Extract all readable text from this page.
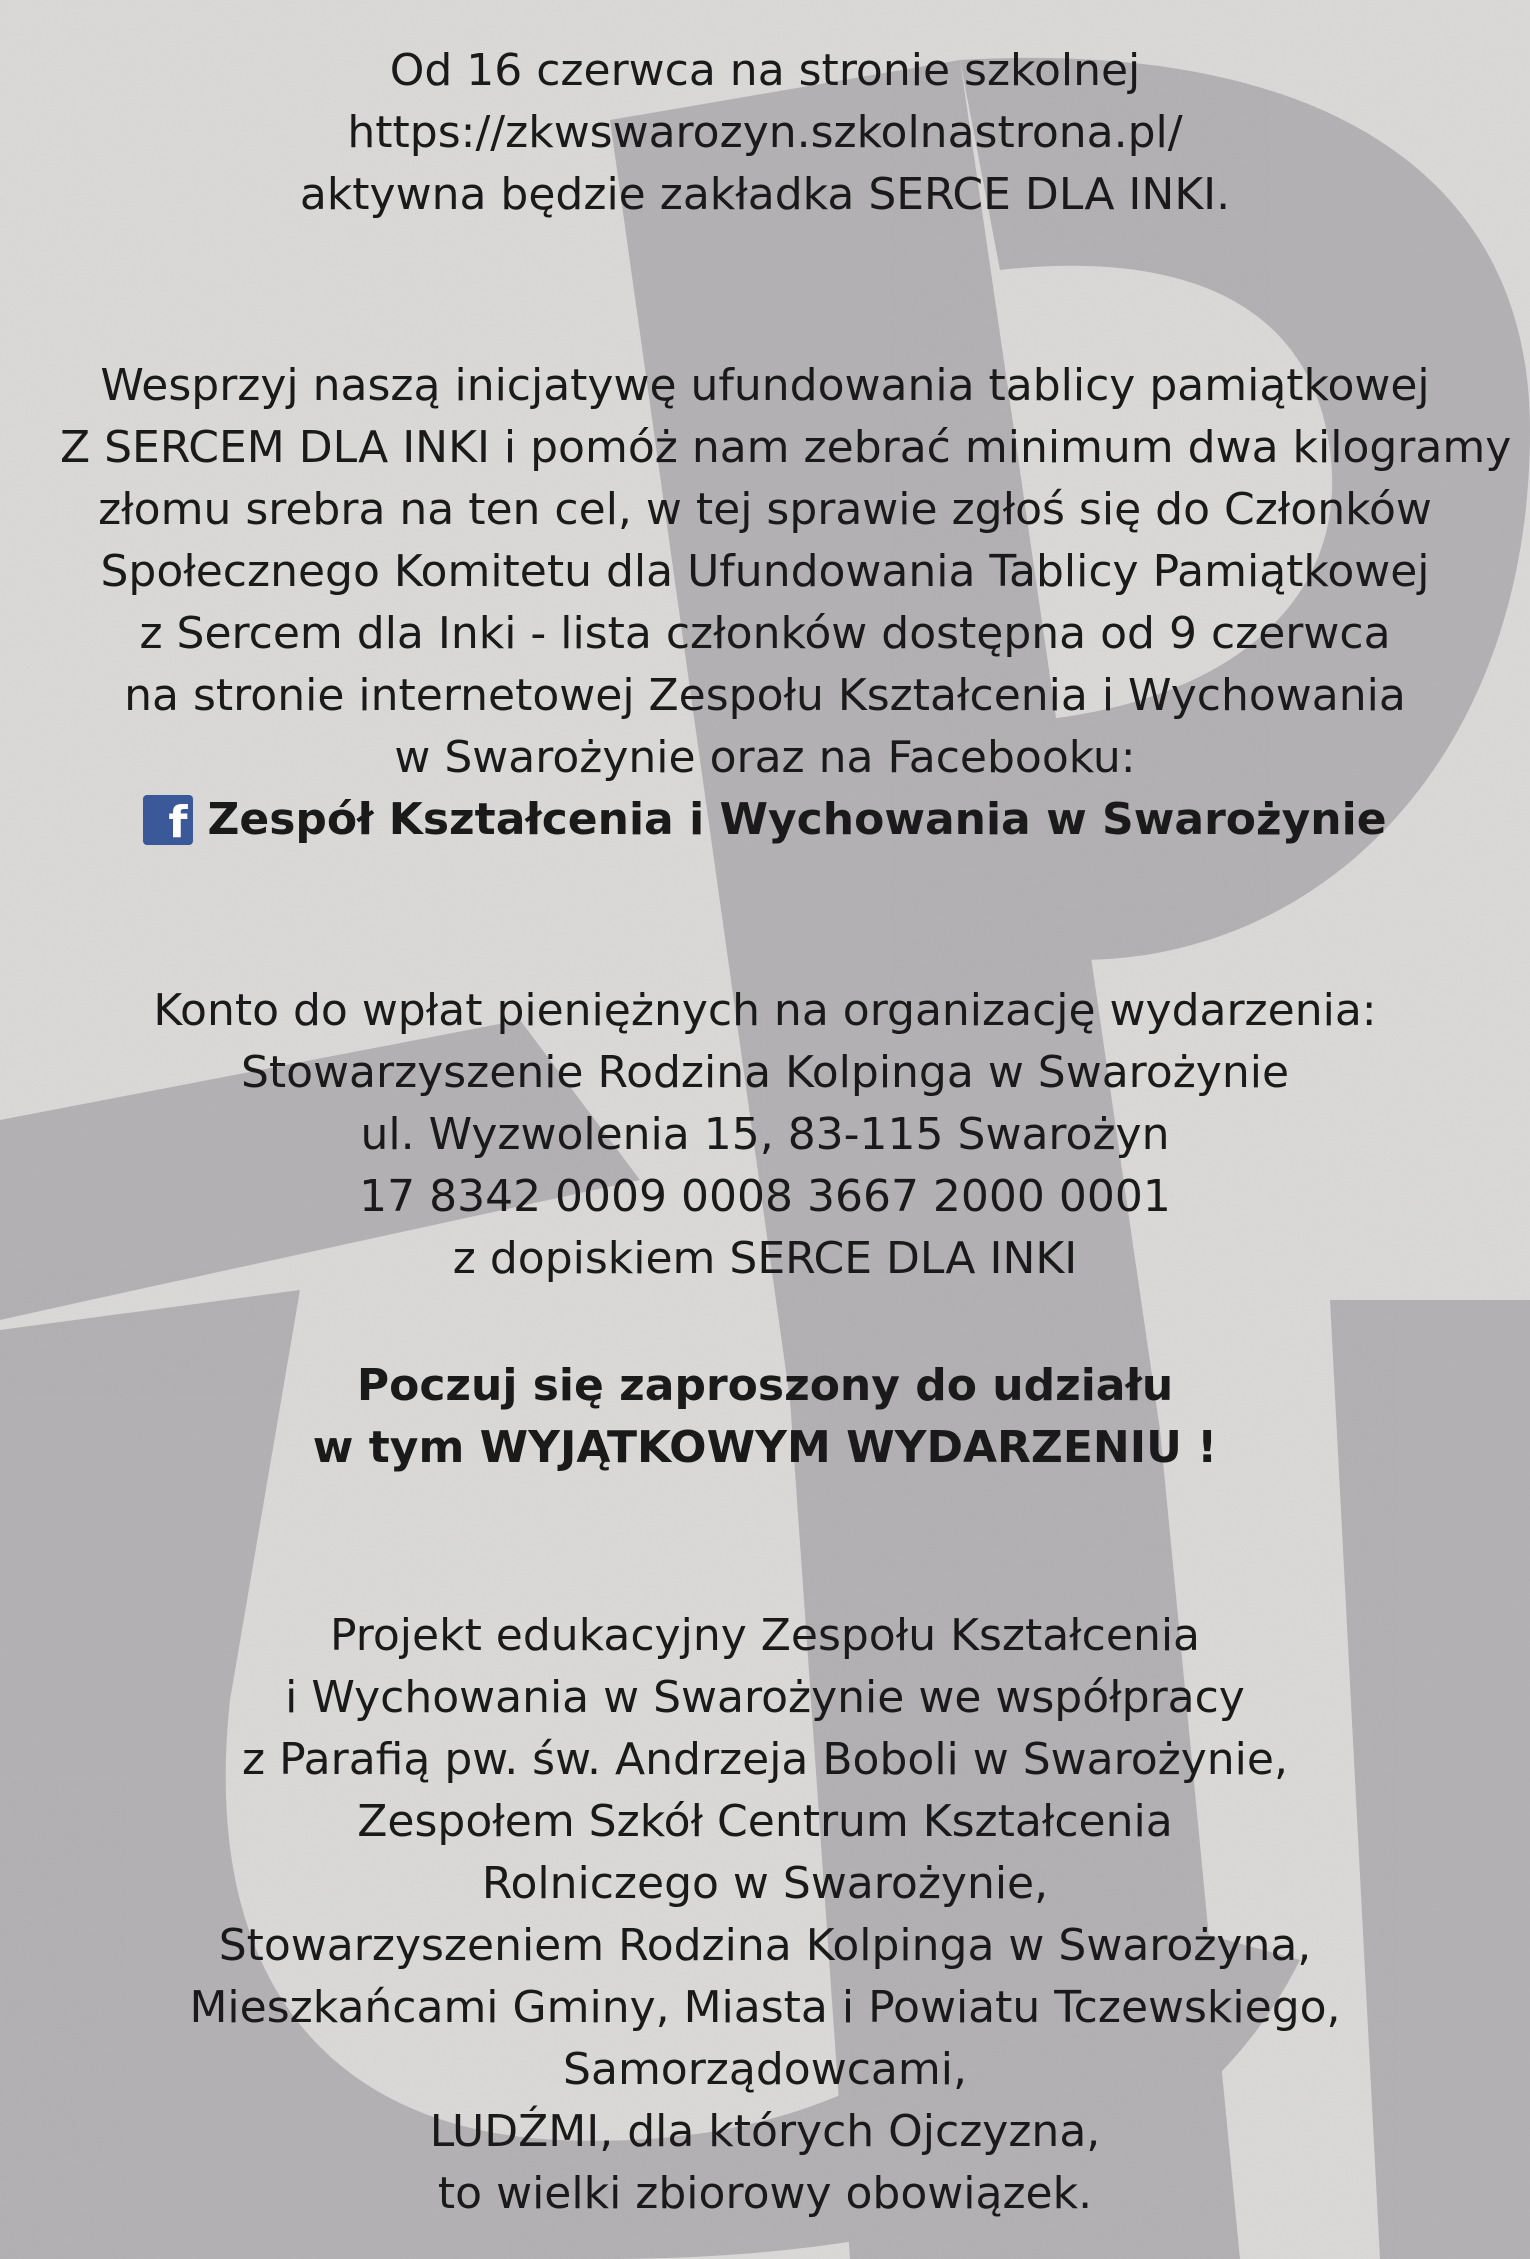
Od 16 czerwca na stronie szkolnej
https://zkwswarozyn.szkolnastrona.pl/
aktywna będzie zakładka SERCE DLA INKI.
Wesprzyj naszą inicjatywę ufundowania tablicy pamiątkowej
Z SERCEM DLA INKI i pomóż nam zebrać minimum dwa kilogramy
złomu srebra na ten cel, w tej sprawie zgłoś się do Członków
Społecznego Komitetu dla Ufundowania Tablicy Pamiątkowej
z Sercem dla Inki - lista członków dostępna od 9 czerwca
na stronie internetowej Zespołu Kształcenia i Wychowania
w Swarożynie oraz na Facebooku:
f Zespół Kształcenia i Wychowania w Swarożynie
Konto do wpłat pieniężnych na organizację wydarzenia:
Stowarzyszenie Rodzina Kolpinga w Swarożynie
ul. Wyzwolenia 15, 83-115 Swarożyn
17 8342 0009 0008 3667 2000 0001
z dopiskiem SERCE DLA INKI
Poczuj się zaproszony do udziału
w tym WYJĄTKOWYM WYDARZENIU !
Projekt edukacyjny Zespołu Kształcenia
i Wychowania w Swarożynie we współpracy
z Parafią pw. św. Andrzeja Boboli w Swarożynie,
Zespołem Szkół Centrum Kształcenia
Rolniczego w Swarożynie,
Stowarzyszeniem Rodzina Kolpinga w Swarożyna,
Mieszkańcami Gminy, Miasta i Powiatu Tczewskiego,
Samorządowcami,
LUDŹMI, dla których Ojczyzna,
to wielki zbiorowy obowiązek.
